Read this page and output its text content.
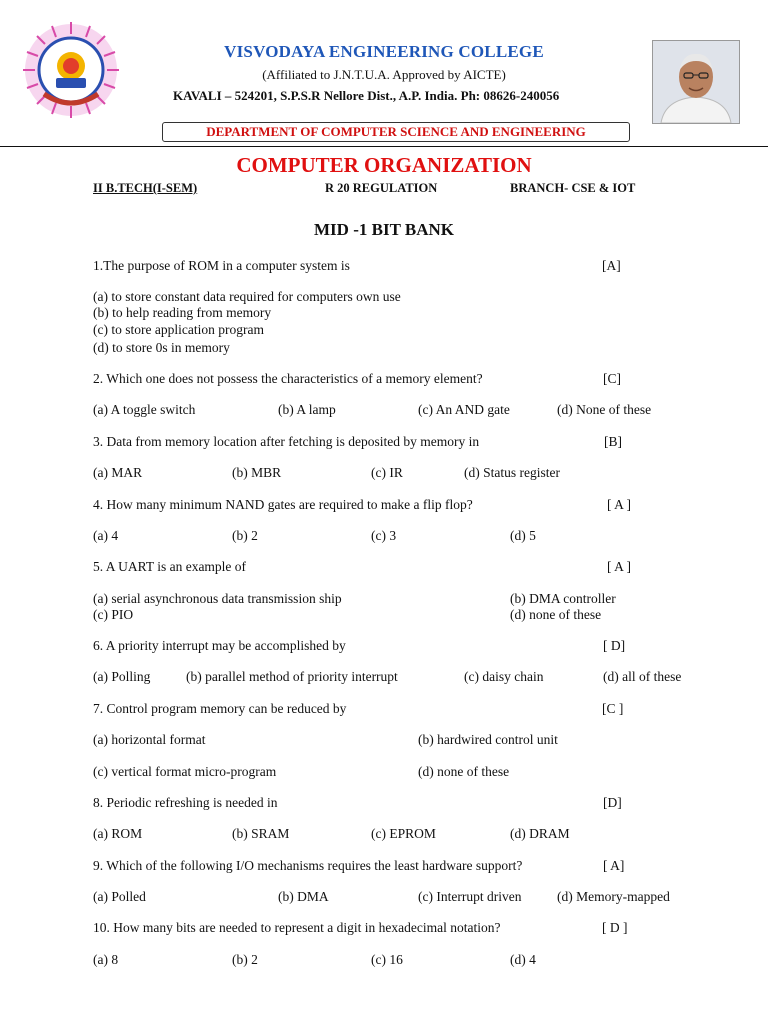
VISVODAYA ENGINEERING COLLEGE
(Affiliated to J.N.T.U.A. Approved by AICTE)
KAVALI – 524201, S.P.S.R Nellore Dist., A.P. India. Ph: 08626-240056
DEPARTMENT OF COMPUTER SCIENCE AND ENGINEERING
COMPUTER ORGANIZATION
II B.TECH(I-SEM)	R 20 REGULATION	BRANCH- CSE & IOT
MID -1 BIT BANK
1.The purpose of ROM in a computer system is	[A]
(a) to store constant data required for computers own use
(b) to help reading from memory
(c) to store application program
(d) to store 0s in memory
2. Which one does not possess the characteristics of a memory element?	[C]
(a) A toggle switch	(b) A lamp	(c) An AND gate	(d) None of these
3. Data from memory location after fetching is deposited by memory in	[B]
(a) MAR	(b) MBR	(c) IR	(d) Status register
4. How many minimum NAND gates are required to make a flip flop?	[ A ]
(a) 4	(b) 2	(c) 3	(d) 5
5. A UART is an example of	[ A ]
(a) serial asynchronous data transmission ship	(b) DMA controller
(c) PIO	(d) none of these
6. A priority interrupt may be accomplished by	[ D]
(a) Polling	(b) parallel method of priority interrupt	(c) daisy chain	(d) all of these
7. Control program memory can be reduced by	[C ]
(a) horizontal format	(b) hardwired control unit
(c) vertical format micro-program	(d) none of these
8. Periodic refreshing is needed in	[D]
(a) ROM	(b) SRAM	(c) EPROM	(d) DRAM
9. Which of the following I/O mechanisms requires the least hardware support?	[ A]
(a) Polled	(b) DMA	(c) Interrupt driven	(d) Memory-mapped
10. How many bits are needed to represent a digit in hexadecimal notation?	[ D ]
(a) 8	(b) 2	(c) 16	(d) 4
